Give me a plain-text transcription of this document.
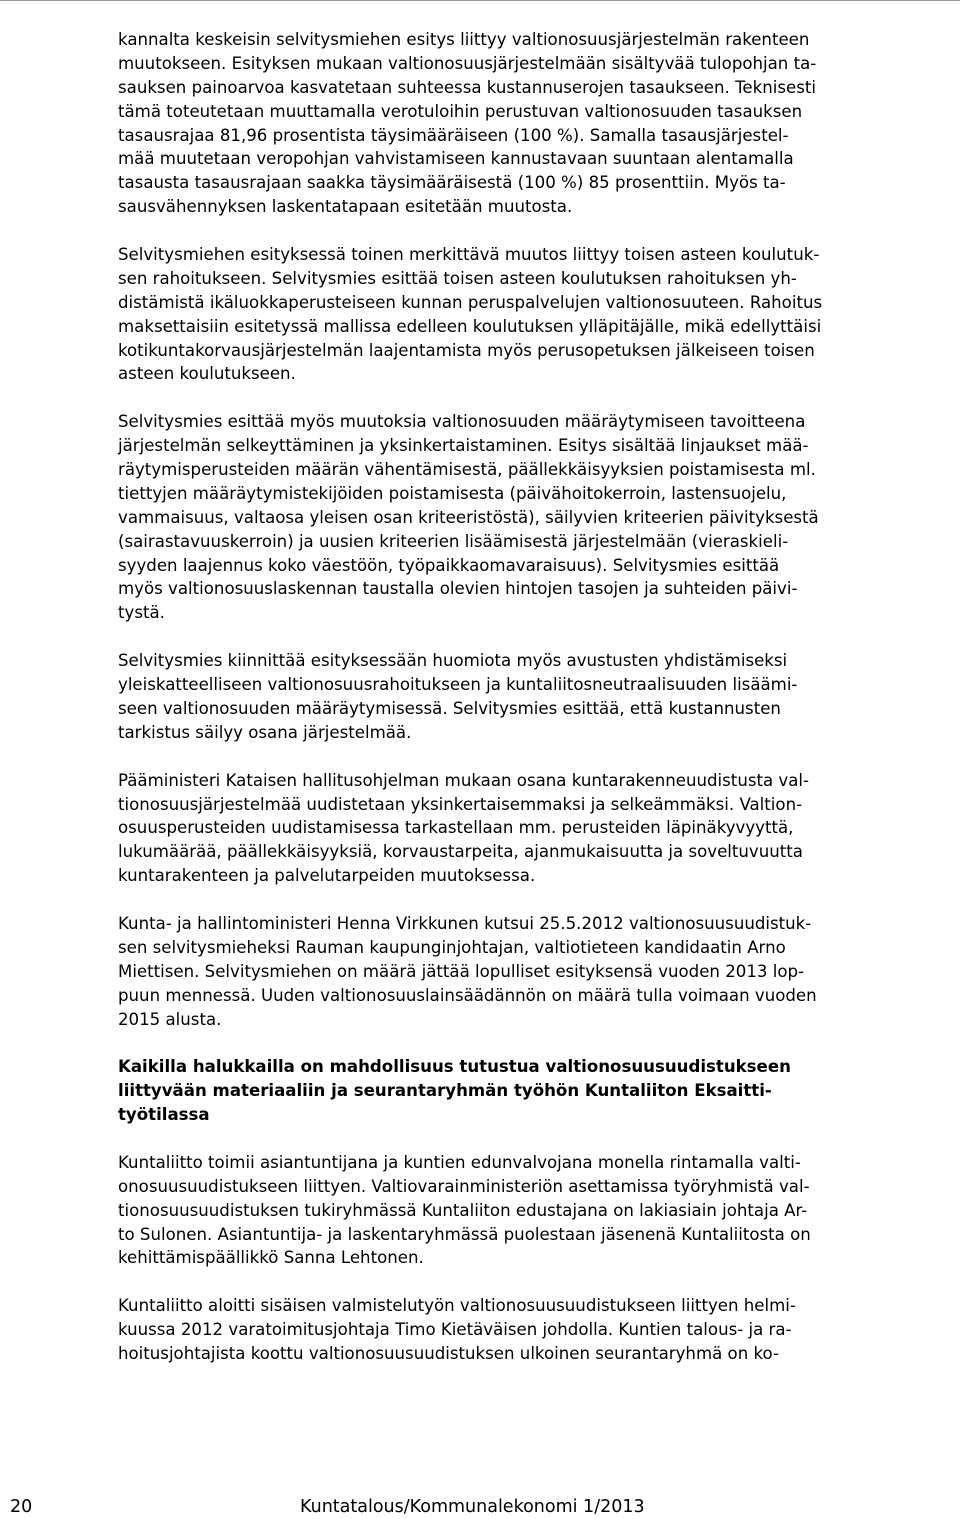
kannalta keskeisin selvitysmiehen esitys liittyy valtionosuusjärjestelmän rakenteen
muutokseen. Esityksen mukaan valtionosuusjärjestelmään sisältyvää tulopohjan ta-
sauksen painoarvoa kasvatetaan suhteessa kustannuserojen tasaukseen. Teknisesti
tämä toteutetaan muuttamalla verotuloihin perustuvan valtionosuuden tasauksen
tasausrajaa 81,96 prosentista täysimääräiseen (100 %). Samalla tasausjärjestel-
mää muutetaan veropohjan vahvistamiseen kannustavaan suuntaan alentamalla
tasausta tasausrajaan saakka täysimääräisestä (100 %) 85 prosenttiin. Myös ta-
sausvähennyksen laskentatapaan esitetään muutosta.
Selvitysmiehen esityksessä toinen merkittävä muutos liittyy toisen asteen koulutuk-
sen rahoitukseen. Selvitysmies esittää toisen asteen koulutuksen rahoituksen yh-
distämistä ikäluokkaperusteiseen kunnan peruspalvelujen valtionosuuteen. Rahoitus
maksettaisiin esitetyssä mallissa edelleen koulutuksen ylläpitäjälle, mikä edellyttäisi
kotikuntakorvausjärjestelmän laajentamista myös perusopetuksen jälkeiseen toisen
asteen koulutukseen.
Selvitysmies esittää myös muutoksia valtionosuuden määräytymiseen tavoitteena
järjestelmän selkeyttäminen ja yksinkertaistaminen. Esitys sisältää linjaukset mää-
räytymisperusteiden määrän vähentämisestä, päällekkäisyyksien poistamisesta ml.
tiettyjen määräytymistekijöiden poistamisesta (päivähoitokerroin, lastensuojelu,
vammaisuus, valtaosa yleisen osan kriteeristöstä), säilyvien kriteerien päivityksestä
(sairastavuuskerroin) ja uusien kriteerien lisäämisestä järjestelmään (vieraskieli-
syyden laajennus koko väestöön, työpaikkaomavaraisuus). Selvitysmies esittää
myös valtionosuuslaskennan taustalla olevien hintojen tasojen ja suhteiden päivi-
tystä.
Selvitysmies kiinnittää esityksessään huomiota myös avustusten yhdistämiseksi
yleiskatteelliseen valtionosuusrahoitukseen ja kuntaliitosneutraalisuuden lisäämi-
seen valtionosuuden määräytymisessä. Selvitysmies esittää, että kustannusten
tarkistus säilyy osana järjestelmää.
Pääministeri Kataisen hallitusohjelman mukaan osana kuntarakenneuudistusta val-
tionosuusjärjestelmää uudistetaan yksinkertaisemmaksi ja selkeämmäksi. Valtion-
osuusperusteiden uudistamisessa tarkastellaan mm. perusteiden läpinäkyvyyttä,
lukumäärää, päällekkäisyyksiä, korvaustarpeita, ajanmukaisuutta ja soveltuvuutta
kuntarakenteen ja palvelutarpeiden muutoksessa.
Kunta- ja hallintoministeri Henna Virkkunen kutsui 25.5.2012 valtionosuusuudistuk-
sen selvitysmieheksi Rauman kaupunginjohtajan, valtiotieteen kandidaatin Arno
Miettisen. Selvitysmiehen on määrä jättää lopulliset esityksensä vuoden 2013 lop-
puun mennessä. Uuden valtionosuuslainsäädännön on määrä tulla voimaan vuoden
2015 alusta.
Kaikilla halukkailla on mahdollisuus tutustua valtionosuusuudistukseen
liittyvään materiaaliin ja seurantaryhmän työhön Kuntaliiton Eksaitti-
työtilassa
Kuntaliitto toimii asiantuntijana ja kuntien edunvalvojana monella rintamalla valti-
onosuusuudistukseen liittyen. Valtiovarainministeriön asettamissa työryhmistä val-
tionosuusuudistuksen tukiryhmässä Kuntaliiton edustajana on lakiasiain johtaja Ar-
to Sulonen. Asiantuntija- ja laskentaryhmässä puolestaan jäsenenä Kuntaliitosta on
kehittämispäällikkö Sanna Lehtonen.
Kuntaliitto aloitti sisäisen valmistelutyön valtionosuusuudistukseen liittyen helmi-
kuussa 2012 varatoimitusjohtaja Timo Kietäväisen johdolla. Kuntien talous- ja ra-
hoitusjohtajista koottu valtionosuusuudistuksen ulkoinen seurantaryhmä on ko-
20	Kuntatalous/Kommunalekonomi 1/2013
